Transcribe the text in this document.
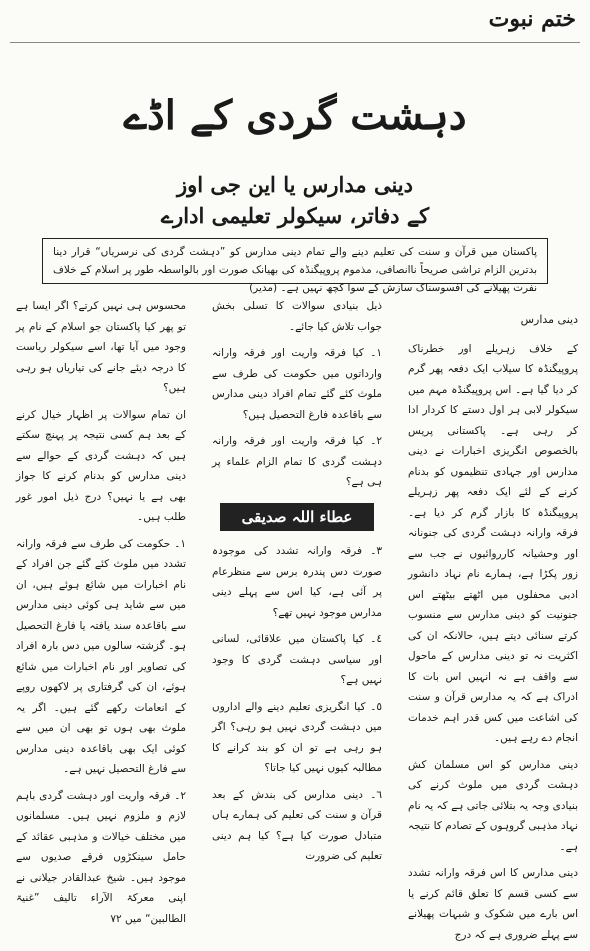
ختم نبوت
دہشت گردی کے اڈے
دینی مدارس یا این جی اوز
کے دفاتر، سیکولر تعلیمی ادارے
پاکستان میں قرآن و سنت کی تعلیم دینے والے تمام دینی مدارس کو ”دہشت گردی کی نرسریاں“ قرار دینا بدترین الزام تراشی صریحاً ناانصافی، مذموم پروپیگنڈہ کی بھیانک صورت اور بالواسطہ طور پر اسلام کے خلاف نفرت پھیلانے کی افسوسناک سازش کے سوا کچھ نہیں ہے۔ (مدیر)
دینی مدارس

کے خلاف زہریلے اور خطرناک پروپیگنڈہ کا سیلاب ایک دفعہ پھر گرم کر دیا گیا ہے۔ اس پروپیگنڈہ مہم میں سیکولر لابی ہر اول دستے کا کردار ادا کر رہی ہے۔ پاکستانی پریس بالخصوص انگریزی اخبارات نے دینی مدارس اور جہادی تنظیموں کو بدنام کرنے کے لئے ایک دفعہ پھر زہریلے پروپیگنڈہ کا بازار گرم کر دیا ہے۔ فرقہ وارانہ دہشت گردی کی جنونانہ اور وحشیانہ کارروائیوں نے جب سے زور پکڑا ہے، ہمارے نام نہاد دانشور ادبی محفلوں میں اٹھتے بیٹھتے اس جنونیت کو دینی مدارس سے منسوب کرتے سنائی دیتے ہیں، حالانکہ ان کی اکثریت نہ تو دینی مدارس کے ماحول سے واقف ہے نہ انہیں اس بات کا ادراک ہے کہ یہ مدارس قرآن و سنت کی اشاعت میں کس قدر اہم خدمات انجام دے رہے ہیں۔

دینی مدارس کو اس مسلمان کش دہشت گردی میں ملوث کرنے کی بنیادی وجہ یہ بتلائی جاتی ہے کہ یہ نام نہاد مذہبی گروہوں کے تصادم کا نتیجہ ہے۔

دینی مدارس کا اس فرقہ وارانہ تشدد سے کسی قسم کا تعلق قائم کرنے یا اس بارے میں شکوک و شبہات پھیلانے سے پہلے ضروری ہے کہ درج

ذیل بنیادی سوالات کا تسلی بخش جواب تلاش کیا جائے۔

١۔ کیا فرقہ واریت اور فرقہ وارانہ وارداتوں میں حکومت کی طرف سے ملوث کئے گئے تمام افراد دینی مدارس سے باقاعدہ فارغ التحصیل ہیں؟

٢۔ کیا فرقہ واریت اور فرقہ وارانہ دہشت گردی کا تمام الزام علماء پر ہی ہے؟

عطاء اللہ صدیقی

٣۔ فرقہ وارانہ تشدد کی موجودہ صورت دس پندرہ برس سے منظرعام پر آئی ہے، کیا اس سے پہلے دینی مدارس موجود نہیں تھے؟

٤۔ کیا پاکستان میں علاقائی، لسانی اور سیاسی دہشت گردی کا وجود نہیں ہے؟

٥۔ کیا انگریزی تعلیم دینے والے اداروں میں دہشت گردی نہیں ہو رہی؟ اگر ہو رہی ہے تو ان کو بند کرانے کا مطالبہ کیوں نہیں کیا جاتا؟

٦۔ دینی مدارس کی بندش کے بعد قرآن و سنت کی تعلیم کی ہمارے ہاں متبادل صورت کیا ہے؟ کیا ہم دینی تعلیم کی ضرورت

محسوس ہی نہیں کرتے؟ اگر ایسا ہے تو پھر کیا پاکستان جو اسلام کے نام پر وجود میں آیا تھا، اسے سیکولر ریاست کا درجہ دیئے جانے کی تیاریاں ہو رہی ہیں؟

ان تمام سوالات پر اظہار خیال کرنے کے بعد ہم کسی نتیجہ پر پہنچ سکتے ہیں کہ دہشت گردی کے حوالے سے دینی مدارس کو بدنام کرنے کا جواز بھی ہے یا نہیں؟ درج ذیل امور غور طلب ہیں۔

١۔ حکومت کی طرف سے فرقہ وارانہ تشدد میں ملوث کئے گئے جن افراد کے نام اخبارات میں شائع ہوئے ہیں، ان میں سے شاید ہی کوئی دینی مدارس سے باقاعدہ سند یافتہ یا فارغ التحصیل ہو۔ گزشتہ سالوں میں دس بارہ افراد کی تصاویر اور نام اخبارات میں شائع ہوئے، ان کی گرفتاری پر لاکھوں روپے کے انعامات رکھے گئے ہیں۔ اگر یہ ملوث بھی ہوں تو بھی ان میں سے کوئی ایک بھی باقاعدہ دینی مدارس سے فارغ التحصیل نہیں ہے۔

٢۔ فرقہ واریت اور دہشت گردی باہم لازم و ملزوم نہیں ہیں۔ مسلمانوں میں مختلف خیالات و مذہبی عقائد کے حامل سینکڑوں فرقے صدیوں سے موجود ہیں۔ شیخ عبدالقادر جیلانی نے اپنی معرکۃ الآراء تالیف ”غنیۃ الطالبین“ میں ٧٢
